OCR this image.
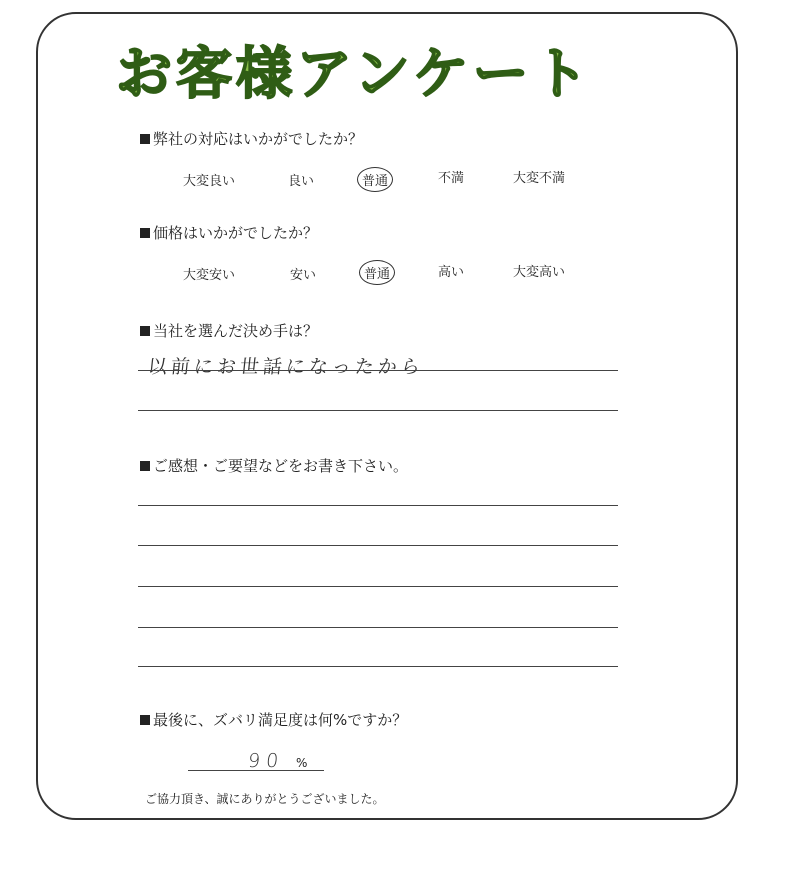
お客様アンケート
弊社の対応はいかがでしたか？
大変良い	良い	普通	不満	大変不満
価格はいかがでしたか？
大変安い	安い	普通	高い	大変高い
当社を選んだ決め手は？
以前にお世話になったから
ご感想・ご要望などをお書き下さい。
最後に、ズバリ満足度は何%ですか？
90 %
ご協力頂き、誠にありがとうございました。
